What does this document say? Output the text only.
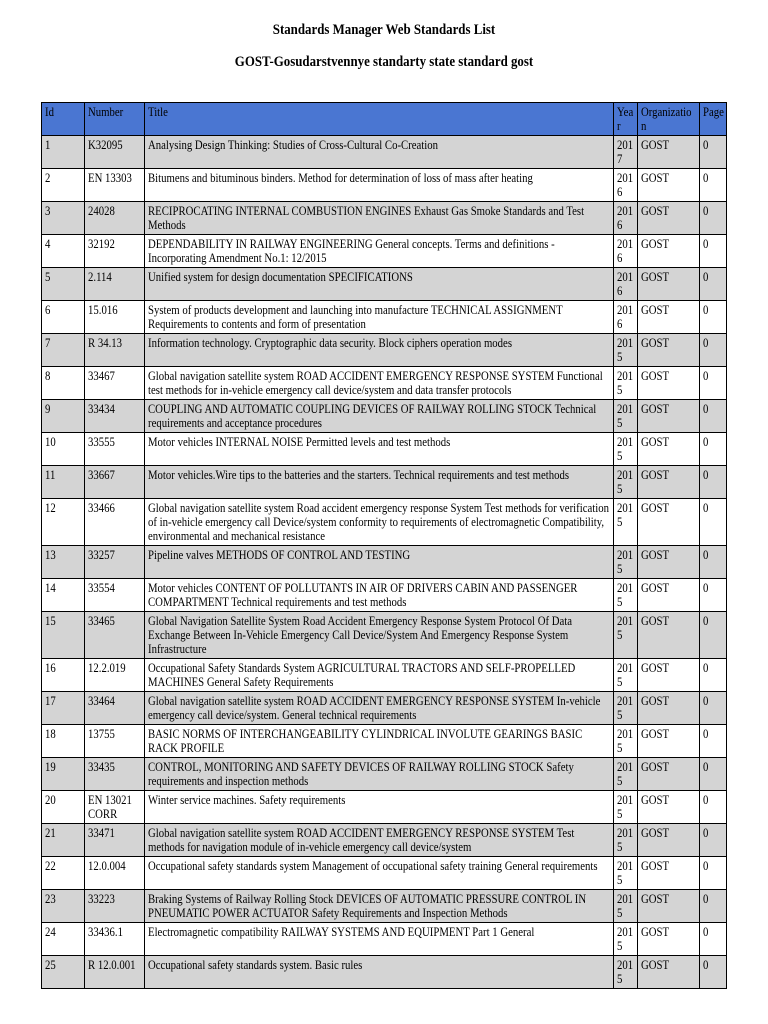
Standards Manager Web Standards List
GOST-Gosudarstvennye standarty state standard gost
Id	Number	Title	Year	Organization	Page

1	K32095	Analysing Design Thinking: Studies of Cross-Cultural Co-Creation	2017	GOST	0

2	EN 13303	Bitumens and bituminous binders. Method for determination of loss of mass after heating	2016	GOST	0

3	24028	RECIPROCATING INTERNAL COMBUSTION ENGINES Exhaust Gas Smoke Standards and Test Methods	2016	GOST	0

4	32192	DEPENDABILITY IN RAILWAY ENGINEERING General concepts. Terms and definitions - Incorporating Amendment No.1: 12/2015	2016	GOST	0

5	2.114	Unified system for design documentation SPECIFICATIONS	2016	GOST	0

6	15.016	System of products development and launching into manufacture TECHNICAL ASSIGNMENT Requirements to contents and form of presentation	2016	GOST	0

7	R 34.13	Information technology. Cryptographic data security. Block ciphers operation modes	2015	GOST	0

8	33467	Global navigation satellite system ROAD ACCIDENT EMERGENCY RESPONSE SYSTEM Functional test methods for in-vehicle emergency call device/system and data transfer protocols	2015	GOST	0

9	33434	COUPLING AND AUTOMATIC COUPLING DEVICES OF RAILWAY ROLLING STOCK Technical requirements and acceptance procedures	2015	GOST	0

10	33555	Motor vehicles INTERNAL NOISE Permitted levels and test methods	2015	GOST	0

11	33667	Motor vehicles.Wire tips to the batteries and the starters. Technical requirements and test methods	2015	GOST	0

12	33466	Global navigation satellite system Road accident emergency response System Test methods for verification of in-vehicle emergency call Device/system conformity to requirements of electromagnetic Compatibility, environmental and mechanical resistance	2015	GOST	0

13	33257	Pipeline valves METHODS OF CONTROL AND TESTING	2015	GOST	0

14	33554	Motor vehicles CONTENT OF POLLUTANTS IN AIR OF DRIVERS CABIN AND PASSENGER COMPARTMENT Technical requirements and test methods	2015	GOST	0

15	33465	Global Navigation Satellite System Road Accident Emergency Response System Protocol Of Data Exchange Between In-Vehicle Emergency Call Device/System And Emergency Response System Infrastructure	2015	GOST	0

16	12.2.019	Occupational Safety Standards System AGRICULTURAL TRACTORS AND SELF-PROPELLED MACHINES General Safety Requirements	2015	GOST	0

17	33464	Global navigation satellite system ROAD ACCIDENT EMERGENCY RESPONSE SYSTEM In-vehicle emergency call device/system. General technical requirements	2015	GOST	0

18	13755	BASIC NORMS OF INTERCHANGEABILITY CYLINDRICAL INVOLUTE GEARINGS BASIC RACK PROFILE	2015	GOST	0

19	33435	CONTROL, MONITORING AND SAFETY DEVICES OF RAILWAY ROLLING STOCK Safety requirements and inspection methods	2015	GOST	0

20	EN 13021 CORR	Winter service machines. Safety requirements	2015	GOST	0

21	33471	Global navigation satellite system ROAD ACCIDENT EMERGENCY RESPONSE SYSTEM Test methods for navigation module of in-vehicle emergency call device/system	2015	GOST	0

22	12.0.004	Occupational safety standards system Management of occupational safety training General requirements	2015	GOST	0

23	33223	Braking Systems of Railway Rolling Stock DEVICES OF AUTOMATIC PRESSURE CONTROL IN PNEUMATIC POWER ACTUATOR Safety Requirements and Inspection Methods	2015	GOST	0

24	33436.1	Electromagnetic compatibility RAILWAY SYSTEMS AND EQUIPMENT Part 1 General	2015	GOST	0

25	R 12.0.001	Occupational safety standards system. Basic rules	2015	GOST	0
